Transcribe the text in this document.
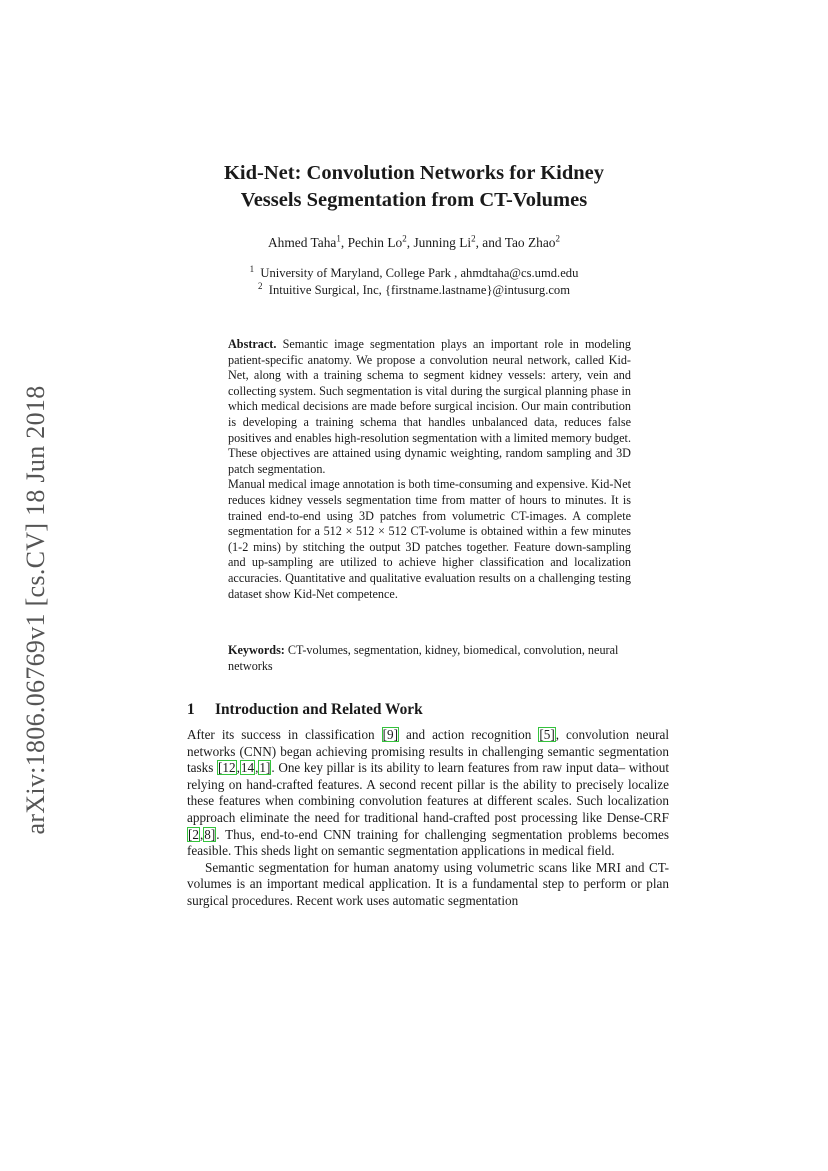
arXiv:1806.06769v1 [cs.CV] 18 Jun 2018
Kid-Net: Convolution Networks for Kidney
Vessels Segmentation from CT-Volumes
Ahmed Taha$^1$, Pechin Lo$^2$, Junning Li$^2$, and Tao Zhao$^2$
$^1$ University of Maryland, College Park , ahmdtaha@cs.umd.edu
$^2$ Intuitive Surgical, Inc, {firstname.lastname}@intusurg.com

Abstract. Semantic image segmentation plays an important role in modeling patient-specific anatomy. We propose a convolution neural network, called Kid-Net, along with a training schema to segment kidney vessels: artery, vein and collecting system. Such segmentation is vital during the surgical planning phase in which medical decisions are made before surgical incision. Our main contribution is developing a training schema that handles unbalanced data, reduces false positives and enables high-resolution segmentation with a limited memory budget. These objectives are attained using dynamic weighting, random sampling and 3D patch segmentation.

Manual medical image annotation is both time-consuming and expensive. Kid-Net reduces kidney vessels segmentation time from matter of hours to minutes. It is trained end-to-end using 3D patches from volumetric CT-images. A complete segmentation for a 512 × 512 × 512 CT-volume is obtained within a few minutes (1-2 mins) by stitching the output 3D patches together. Feature down-sampling and up-sampling are utilized to achieve higher classification and localization accuracies. Quantitative and qualitative evaluation results on a challenging testing dataset show Kid-Net competence.

Keywords: CT-volumes, segmentation, kidney, biomedical, convolution, neural networks
1 Introduction and Related Work

After its success in classification [9] and action recognition [5], convolution neural networks (CNN) began achieving promising results in challenging semantic segmentation tasks [12,14,1]. One key pillar is its ability to learn features from raw input data– without relying on hand-crafted features. A second recent pillar is the ability to precisely localize these features when combining convolution features at different scales. Such localization approach eliminate the need for traditional hand-crafted post processing like Dense-CRF [2,8]. Thus, end-to-end CNN training for challenging segmentation problems becomes feasible. This sheds light on semantic segmentation applications in medical field.

Semantic segmentation for human anatomy using volumetric scans like MRI and CT-volumes is an important medical application. It is a fundamental step to perform or plan surgical procedures. Recent work uses automatic segmentation
